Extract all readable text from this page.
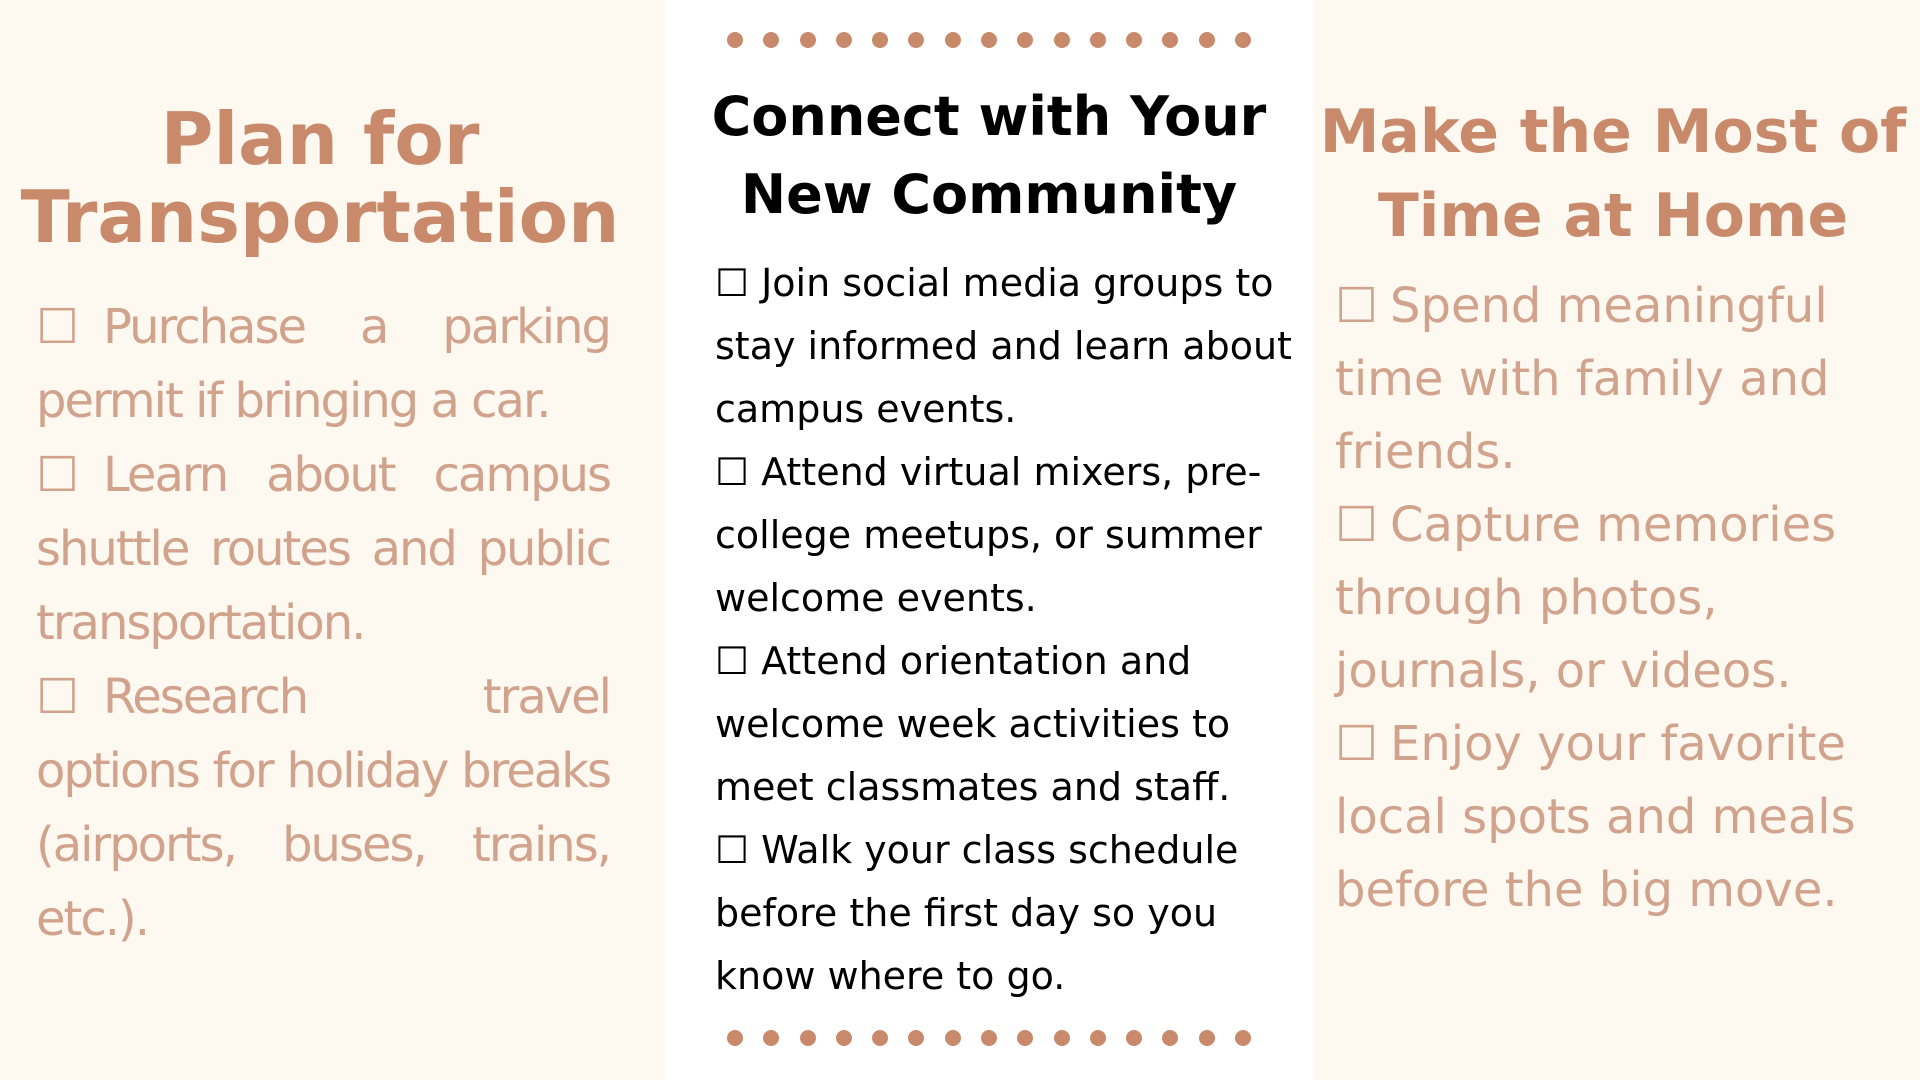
Plan for Transportation
☐ Purchase a parking permit if bringing a car.
☐ Learn about campus shuttle routes and public transportation.
☐ Research travel options for holiday breaks (airports, buses, trains, etc.).
Connect with Your New Community
☐ Join social media groups to stay informed and learn about campus events.
☐ Attend virtual mixers, pre-college meetups, or summer welcome events.
☐ Attend orientation and welcome week activities to meet classmates and staff.
☐ Walk your class schedule before the first day so you know where to go.
Make the Most of Time at Home
☐ Spend meaningful time with family and friends.
☐ Capture memories through photos, journals, or videos.
☐ Enjoy your favorite local spots and meals before the big move.
